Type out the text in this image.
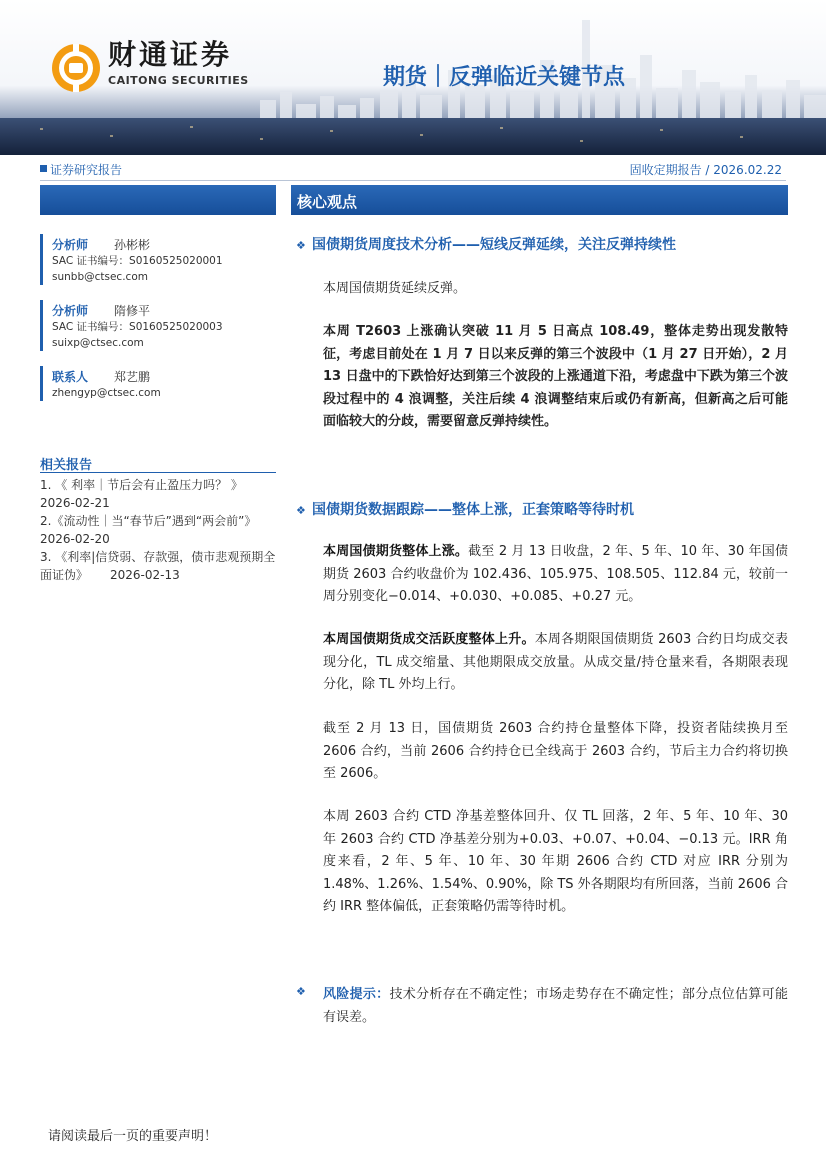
财通证券
CAITONG SECURITIES	期货｜反弹临近关键节点
证券研究报告	固收定期报告 / 2026.02.22
核心观点
分析师 孙彬彬
SAC 证书编号：S0160525020001
sunbb@ctsec.com
分析师 隋修平
SAC 证书编号：S0160525020003
suixp@ctsec.com
联系人 郑艺鹏
zhengyp@ctsec.com
相关报告
1. 《 利率｜节后会有止盈压力吗？ 》
2026-02-21
2.《流动性｜当“春节后”遇到“两会前”》
2026-02-20
3. 《利率|信贷弱、存款强，债市悲观预期全面证伪》 2026-02-13
❖ 国债期货周度技术分析——短线反弹延续，关注反弹持续性
本周国债期货延续反弹。
本周 T2603 上涨确认突破 11 月 5 日高点 108.49，整体走势出现发散特征，考虑目前处在 1 月 7 日以来反弹的第三个波段中（1 月 27 日开始），2 月 13 日盘中的下跌恰好达到第三个波段的上涨通道下沿，考虑盘中下跌为第三个波段过程中的 4 浪调整，关注后续 4 浪调整结束后或仍有新高，但新高之后可能面临较大的分歧，需要留意反弹持续性。
❖ 国债期货数据跟踪——整体上涨，正套策略等待时机
本周国债期货整体上涨。截至 2 月 13 日收盘，2 年、5 年、10 年、30 年国债期货 2603 合约收盘价为 102.436、105.975、108.505、112.84 元，较前一周分别变化−0.014、+0.030、+0.085、+0.27 元。
本周国债期货成交活跃度整体上升。本周各期限国债期货 2603 合约日均成交表现分化，TL 成交缩量、其他期限成交放量。从成交量/持仓量来看，各期限表现分化，除 TL 外均上行。
截至 2 月 13 日，国债期货 2603 合约持仓量整体下降，投资者陆续换月至 2606 合约，当前 2606 合约持仓已全线高于 2603 合约，节后主力合约将切换至 2606。
本周 2603 合约 CTD 净基差整体回升、仅 TL 回落，2 年、5 年、10 年、30 年 2603 合约 CTD 净基差分别为+0.03、+0.07、+0.04、−0.13 元。IRR 角度来看，2 年、5 年、10 年、30 年期 2606 合约 CTD 对应 IRR 分别为 1.48%、1.26%、1.54%、0.90%，除 TS 外各期限均有所回落，当前 2606 合约 IRR 整体偏低，正套策略仍需等待时机。
❖	风险提示：技术分析存在不确定性；市场走势存在不确定性；部分点位估算可能有误差。
请阅读最后一页的重要声明！
